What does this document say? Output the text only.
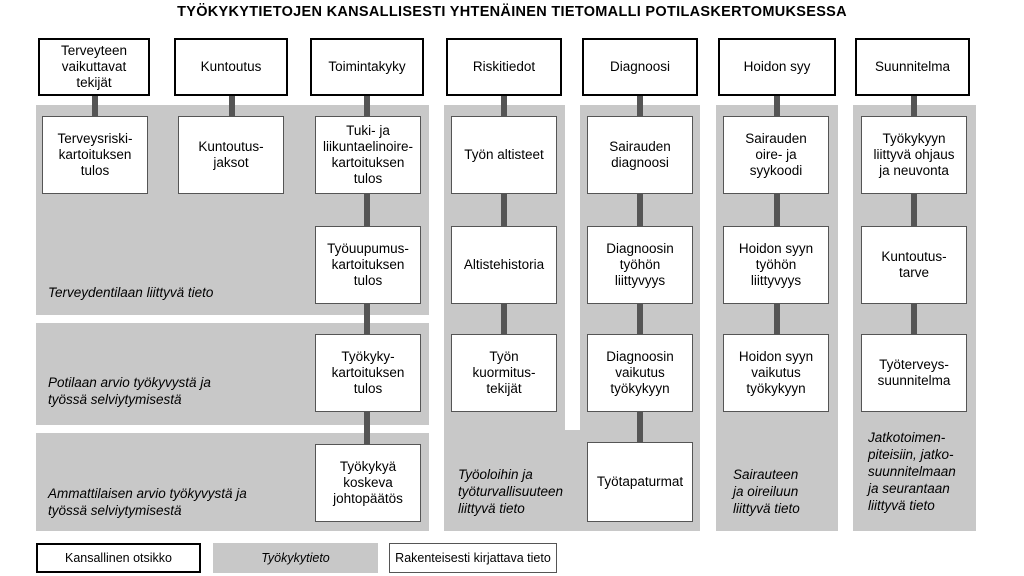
TYÖKYKYTIETOJEN KANSALLISESTI YHTENÄINEN TIETOMALLI POTILASKERTOMUKSESSA
Terveyteen
vaikuttavat
tekijät
Kuntoutus	Toimintakyky	Riskitiedot	Diagnoosi	Hoidon syy	Suunnitelma
Terveysriski-
kartoituksen
tulos
Kuntoutus-
jaksot
Tuki- ja
liikuntaelinoire-
kartoituksen
tulos
Työuupumus-
kartoituksen
tulos
Työkyky-
kartoituksen
tulos
Työkykyä
koskeva
johtopäätös
Työn altisteet
Altistehistoria
Työn
kuormitus-
tekijät
Sairauden
diagnoosi
Diagnoosin
työhön
liittyvyys
Diagnoosin
vaikutus
työkykyyn
Työtapaturmat
Sairauden
oire- ja
syykoodi
Hoidon syyn
työhön
liittyvyys
Hoidon syyn
vaikutus
työkykyyn
Työkykyyn
liittyvä ohjaus
ja neuvonta
Kuntoutus-
tarve
Työterveys-
suunnitelma
Terveydentilaan liittyvä tieto
Potilaan arvio työkyvystä ja
työssä selviytymisestä
Ammattilaisen arvio työkyvystä ja
työssä selviytymisestä
Työoloihin ja
työturvallisuuteen
liittyvä tieto
Sairauteen
ja oireiluun
liittyvä tieto
Jatkotoimen-
piteisiin, jatko-
suunnitelmaan
ja seurantaan
liittyvä tieto
Kansallinen otsikko	Työkykytieto	Rakenteisesti kirjattava tieto
